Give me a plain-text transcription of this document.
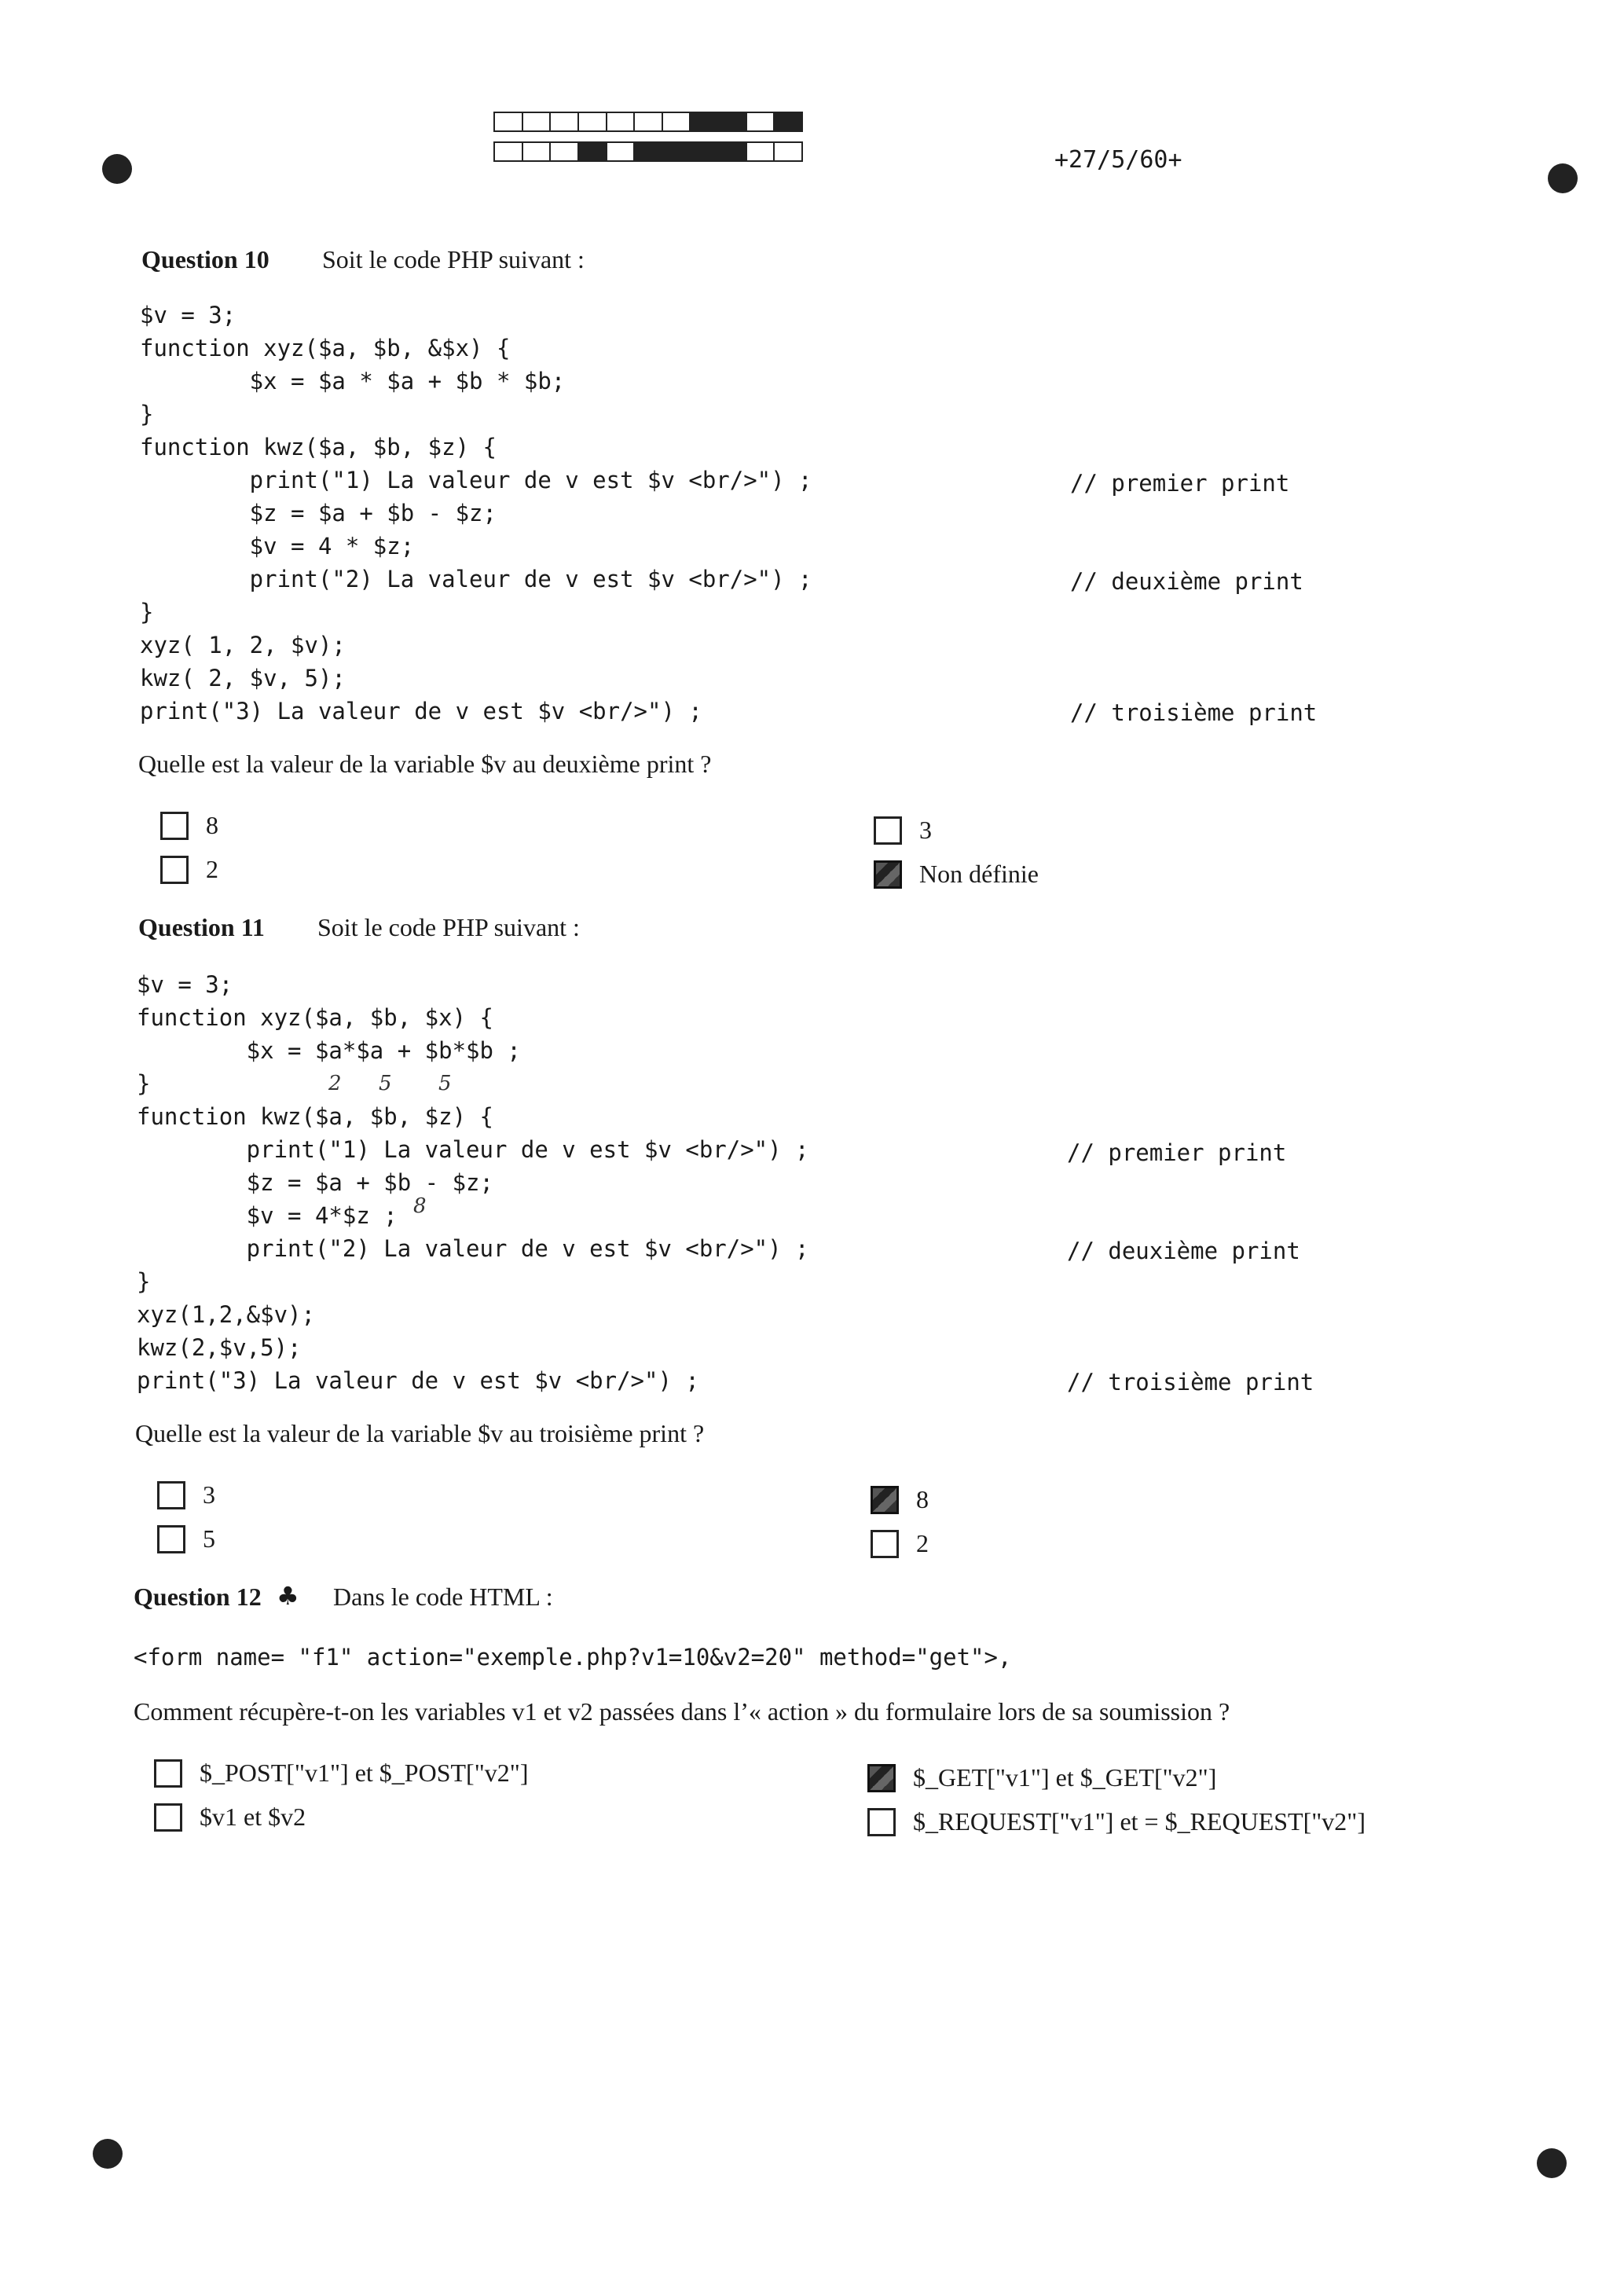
+27/5/60+
Question 10 Soit le code PHP suivant :
$v = 3;
function xyz($a, $b, &$x) {
$x = $a * $a + $b * $b;
}
function kwz($a, $b, $z) {
print("1) La valeur de v est $v <br/>") ;
$z = $a + $b - $z;
$v = 4 * $z;
print("2) La valeur de v est $v <br/>") ;
}
xyz( 1, 2, $v);
kwz( 2, $v, 5);
print("3) La valeur de v est $v <br/>") ;
// premier print
// deuxième print
// troisième print
Quelle est la valeur de la variable $v au deuxième print ?
8
2
3
Non définie
Question 11 Soit le code PHP suivant :
$v = 3;
function xyz($a, $b, $x) {
$x = $a*$a + $b*$b ;
}
function kwz($a, $b, $z) {
print("1) La valeur de v est $v <br/>") ;
$z = $a + $b - $z;
$v = 4*$z ;
print("2) La valeur de v est $v <br/>") ;
}
xyz(1,2,&$v);
kwz(2,$v,5);
print("3) La valeur de v est $v <br/>") ;
// premier print
// deuxième print
// troisième print
2 5 5
8
Quelle est la valeur de la variable $v au troisième print ?
3
5
8
2
Question 12 ♣ Dans le code HTML :
<form name= "f1" action="exemple.php?v1=10&v2=20" method="get">,
Comment récupère-t-on les variables v1 et v2 passées dans l’« action » du formulaire lors de sa soumission ?
$_POST["v1"] et $_POST["v2"]
$v1 et $v2
$_GET["v1"] et $_GET["v2"]
$_REQUEST["v1"] et = $_REQUEST["v2"]
